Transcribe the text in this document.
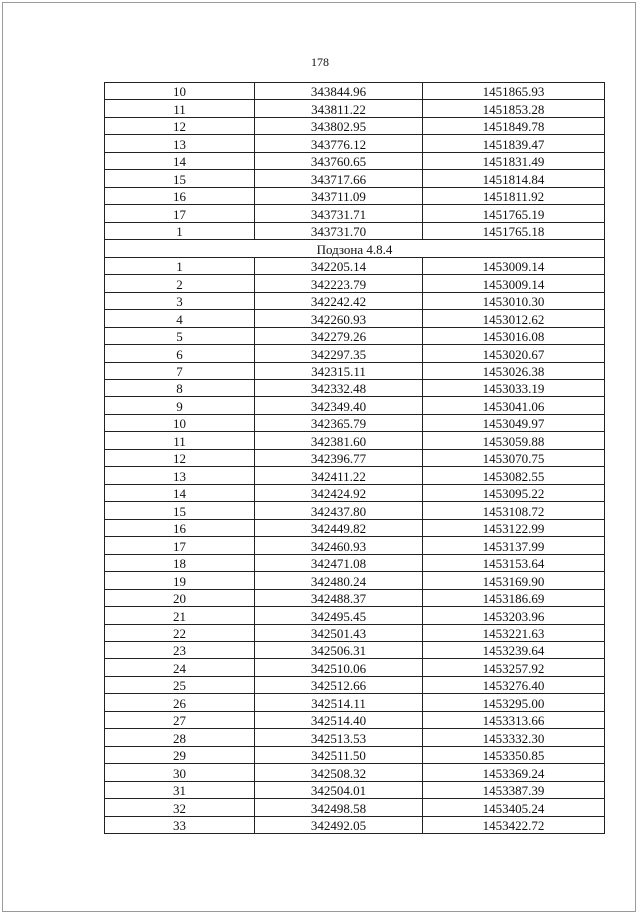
178
10	343844.96	1451865.93
11	343811.22	1451853.28
12	343802.95	1451849.78
13	343776.12	1451839.47
14	343760.65	1451831.49
15	343717.66	1451814.84
16	343711.09	1451811.92
17	343731.71	1451765.19
1	343731.70	1451765.18
Подзона 4.8.4		
1	342205.14	1453009.14
2	342223.79	1453009.14
3	342242.42	1453010.30
4	342260.93	1453012.62
5	342279.26	1453016.08
6	342297.35	1453020.67
7	342315.11	1453026.38
8	342332.48	1453033.19
9	342349.40	1453041.06
10	342365.79	1453049.97
11	342381.60	1453059.88
12	342396.77	1453070.75
13	342411.22	1453082.55
14	342424.92	1453095.22
15	342437.80	1453108.72
16	342449.82	1453122.99
17	342460.93	1453137.99
18	342471.08	1453153.64
19	342480.24	1453169.90
20	342488.37	1453186.69
21	342495.45	1453203.96
22	342501.43	1453221.63
23	342506.31	1453239.64
24	342510.06	1453257.92
25	342512.66	1453276.40
26	342514.11	1453295.00
27	342514.40	1453313.66
28	342513.53	1453332.30
29	342511.50	1453350.85
30	342508.32	1453369.24
31	342504.01	1453387.39
32	342498.58	1453405.24
33	342492.05	1453422.72
